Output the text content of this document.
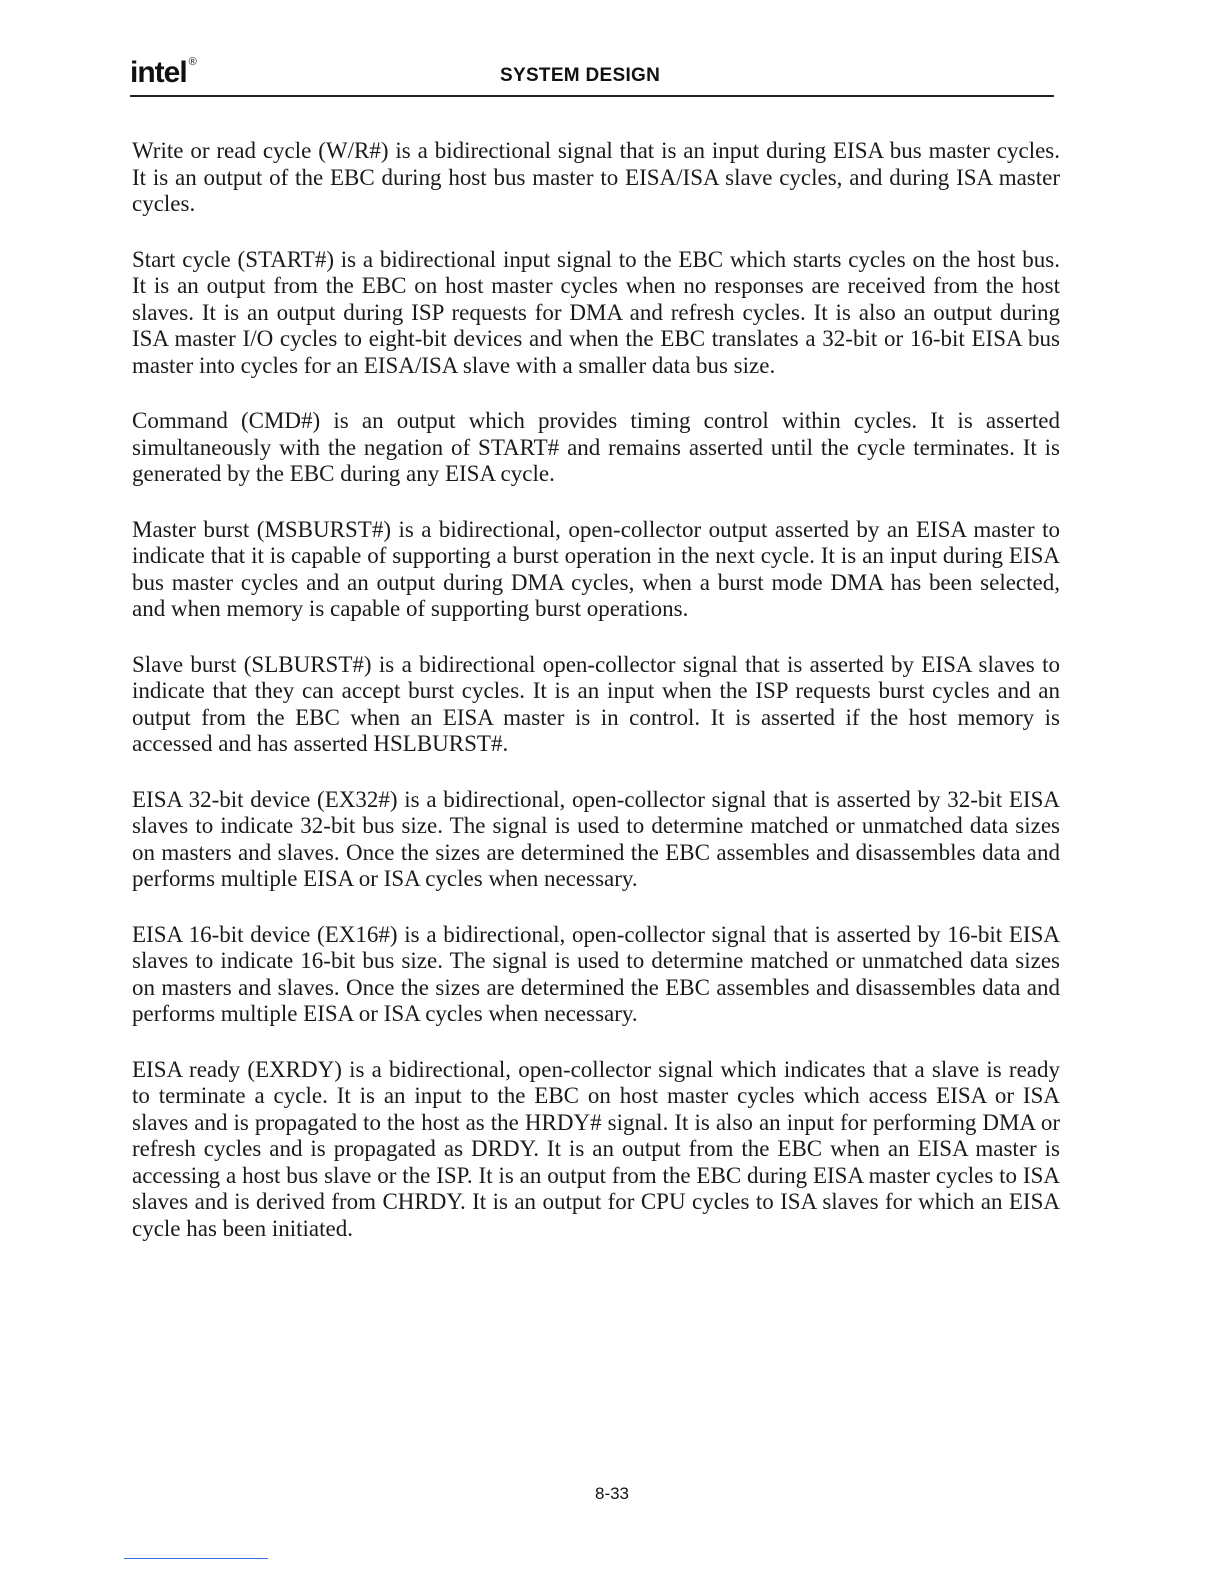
intel ®
SYSTEM DESIGN

Write or read cycle (W/R#) is a bidirectional signal that is an input during EISA bus master cycles. It is an output of the EBC during host bus master to EISA/ISA slave cycles, and during ISA master cycles.

Start cycle (START#) is a bidirectional input signal to the EBC which starts cycles on the host bus. It is an output from the EBC on host master cycles when no responses are received from the host slaves. It is an output during ISP requests for DMA and refresh cycles. It is also an output during ISA master I/O cycles to eight-bit devices and when the EBC translates a 32-bit or 16-bit EISA bus master into cycles for an EISA/ISA slave with a smaller data bus size.

Command (CMD#) is an output which provides timing control within cycles. It is asserted simultaneously with the negation of START# and remains asserted until the cycle terminates. It is generated by the EBC during any EISA cycle.

Master burst (MSBURST#) is a bidirectional, open-collector output asserted by an EISA master to indicate that it is capable of supporting a burst operation in the next cycle. It is an input during EISA bus master cycles and an output during DMA cycles, when a burst mode DMA has been selected, and when memory is capable of supporting burst operations.

Slave burst (SLBURST#) is a bidirectional open-collector signal that is asserted by EISA slaves to indicate that they can accept burst cycles. It is an input when the ISP requests burst cycles and an output from the EBC when an EISA master is in control. It is asserted if the host memory is accessed and has asserted HSLBURST#.

EISA 32-bit device (EX32#) is a bidirectional, open-collector signal that is asserted by 32-bit EISA slaves to indicate 32-bit bus size. The signal is used to determine matched or unmatched data sizes on masters and slaves. Once the sizes are determined the EBC assembles and disassembles data and performs multiple EISA or ISA cycles when necessary.

EISA 16-bit device (EX16#) is a bidirectional, open-collector signal that is asserted by 16-bit EISA slaves to indicate 16-bit bus size. The signal is used to determine matched or unmatched data sizes on masters and slaves. Once the sizes are determined the EBC assembles and disassembles data and performs multiple EISA or ISA cycles when necessary.

EISA ready (EXRDY) is a bidirectional, open-collector signal which indicates that a slave is ready to terminate a cycle. It is an input to the EBC on host master cycles which access EISA or ISA slaves and is propagated to the host as the HRDY# signal. It is also an input for performing DMA or refresh cycles and is propagated as DRDY. It is an output from the EBC when an EISA master is accessing a host bus slave or the ISP. It is an output from the EBC during EISA master cycles to ISA slaves and is derived from CHRDY. It is an output for CPU cycles to ISA slaves for which an EISA cycle has been initiated.

8-33
